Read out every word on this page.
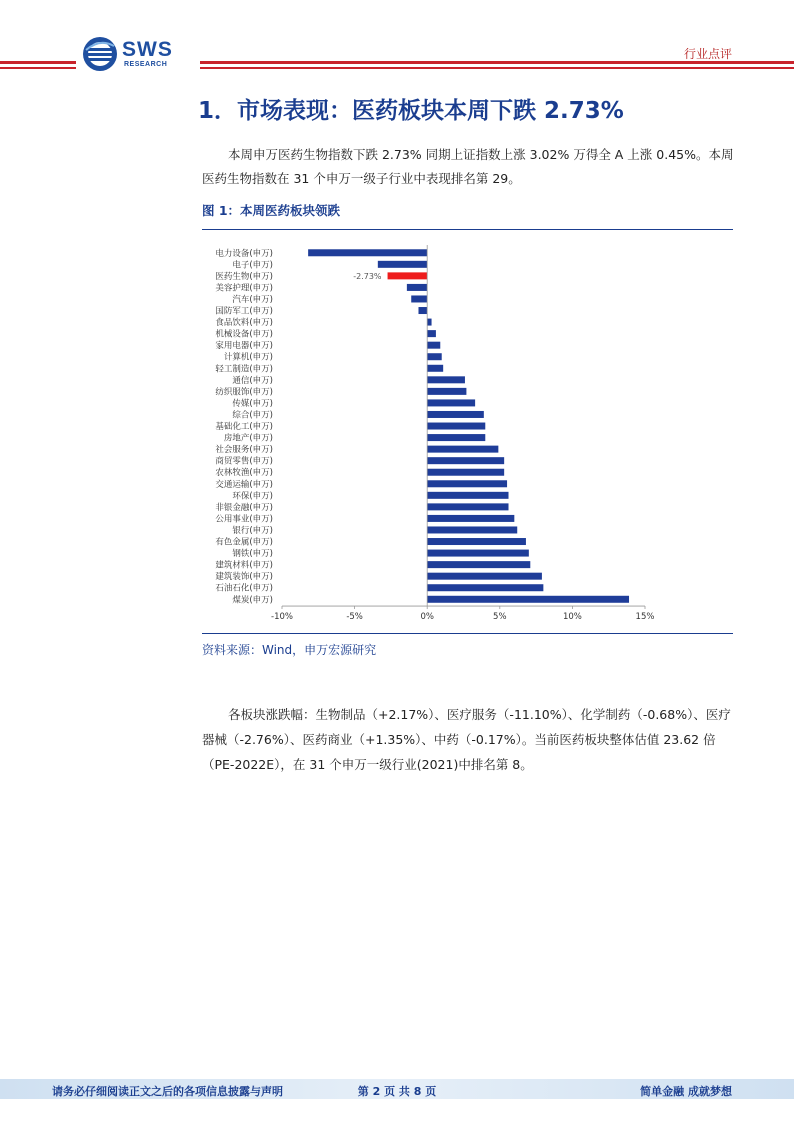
SWS
RESEARCH
行业点评
1．市场表现：医药板块本周下跌 2.73%
本周申万医药生物指数下跌 2.73% 同期上证指数上涨 3.02% 万得全 A 上涨 0.45%。本周医药生物指数在 31 个申万一级子行业中表现排名第 29。
图 1：本周医药板块领跌
电力设备(申万)
电子(申万)
医药生物(申万)
美容护理(申万)
汽车(申万)
国防军工(申万)
食品饮料(申万)
机械设备(申万)
家用电器(申万)
计算机(申万)
轻工制造(申万)
通信(申万)
纺织服饰(申万)
传媒(申万)
综合(申万)
基础化工(申万)
房地产(申万)
社会服务(申万)
商贸零售(申万)
农林牧渔(申万)
交通运输(申万)
环保(申万)
非银金融(申万)
公用事业(申万)
银行(申万)
有色金属(申万)
钢铁(申万)
建筑材料(申万)
建筑装饰(申万)
石油石化(申万)
煤炭(申万)
-2.73%
-10%	-5%	0%	5%	10%	15%
资料来源：Wind，申万宏源研究
各板块涨跌幅：生物制品（+2.17%）、医疗服务（-11.10%）、化学制药（-0.68%）、医疗器械（-2.76%）、医药商业（+1.35%）、中药（-0.17%）。当前医药板块整体估值 23.62 倍（PE-2022E），在 31 个申万一级行业(2021)中排名第 8。
请务必仔细阅读正文之后的各项信息披露与声明	第 2 页 共 8 页	简单金融 成就梦想
